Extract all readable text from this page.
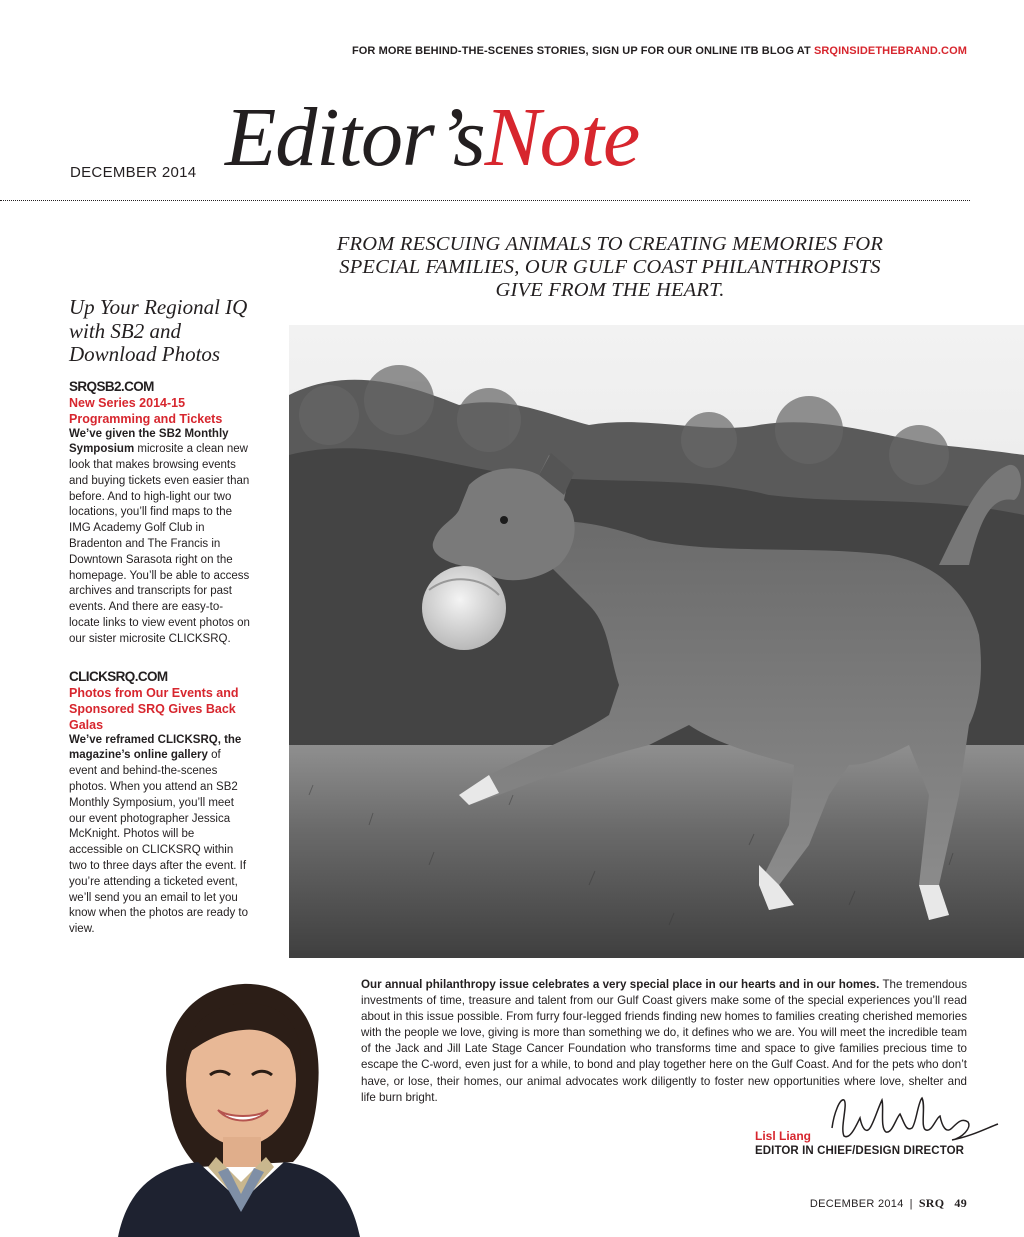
FOR MORE BEHIND-THE-SCENES STORIES, SIGN UP FOR OUR ONLINE ITB BLOG AT SRQINSIDETHEBRAND.COM
DECEMBER 2014 Editor’sNote
FROM RESCUING ANIMALS TO CREATING MEMORIES FOR SPECIAL FAMILIES, OUR GULF COAST PHILANTHROPISTS GIVE FROM THE HEART.
Up Your Regional IQ with SB2 and Download Photos
SRQSB2.COM
New Series 2014-15 Programming and Tickets
We’ve given the SB2 Monthly Symposium microsite a clean new look that makes browsing events and buying tickets even easier than before. And to high-light our two locations, you’ll find maps to the IMG Academy Golf Club in Bradenton and The Francis in Downtown Sarasota right on the homepage. You’ll be able to access archives and transcripts for past events. And there are easy-to-locate links to view event photos on our sister microsite CLICKSRQ.
CLICKSRQ.COM
Photos from Our Events and Sponsored SRQ Gives Back Galas
We’ve reframed CLICKSRQ, the magazine’s online gallery of event and behind-the-scenes photos. When you attend an SB2 Monthly Symposium, you’ll meet our event photographer Jessica McKnight. Photos will be accessible on CLICKSRQ within two to three days after the event. If you’re attending a ticketed event, we’ll send you an email to let you know when the photos are ready to view.
Our annual philanthropy issue celebrates a very special place in our hearts and in our homes. The tremendous investments of time, treasure and talent from our Gulf Coast givers make some of the special experiences you’ll read about in this issue possible. From furry four-legged friends finding new homes to families creating cherished memories with the people we love, giving is more than something we do, it defines who we are. You will meet the incredible team of the Jack and Jill Late Stage Cancer Foundation who transforms time and space to give families precious time to escape the C-word, even just for a while, to bond and play together here on the Gulf Coast. And for the pets who don’t have, or lose, their homes, our animal advocates work diligently to foster new opportunities where love, shelter and life burn bright.
Lisl Liang
EDITOR IN CHIEF/DESIGN DIRECTOR
DECEMBER 2014 | SRQ 49
